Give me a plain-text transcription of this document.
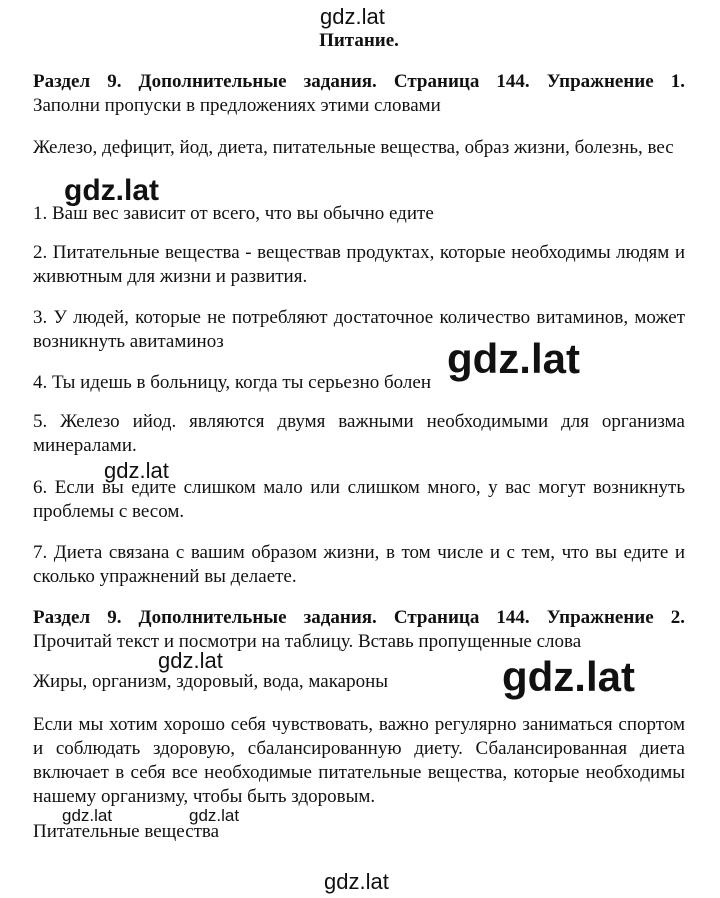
gdz.lat
Питание.
Раздел 9. Дополнительные задания. Страница 144. Упражнение 1.
Заполни пропуски в предложениях этими словами
Железо, дефицит, йод, диета, питательные вещества, образ жизни, болезнь, вес
gdz.lat
1. Ваш вес зависит от всего, что вы обычно едите
2. Питательные вещества - веществав продуктах, которые необходимы людям и живютным для жизни и развития.
3. У людей, которые не потребляют достаточное количество витаминов, может возникнуть авитаминоз	gdz.lat
4. Ты идешь в больницу, когда ты серьезно болен
5. Железо ийод. являются двумя важными необходимыми для организма минералами.
gdz.lat
6. Если вы едите слишком мало или слишком много, у вас могут возникнуть проблемы с весом.
7. Диета связана с вашим образом жизни, в том числе и с тем, что вы едите и сколько упражнений вы делаете.
Раздел 9. Дополнительные задания. Страница 144. Упражнение 2.
Прочитай текст и посмотри на таблицу. Вставь пропущенные слова
gdz.lat	gdz.lat
Жиры, организм, здоровый, вода, макароны
Если мы хотим хорошо себя чувствовать, важно регулярно заниматься спортом и соблюдать здоровую, сбалансированную диету. Сбалансированная диета включает в себя все необходимые питательные вещества, которые необходимы нашему организму, чтобы быть здоровым.
gdz.lat	gdz.lat
Питательные вещества
gdz.lat
